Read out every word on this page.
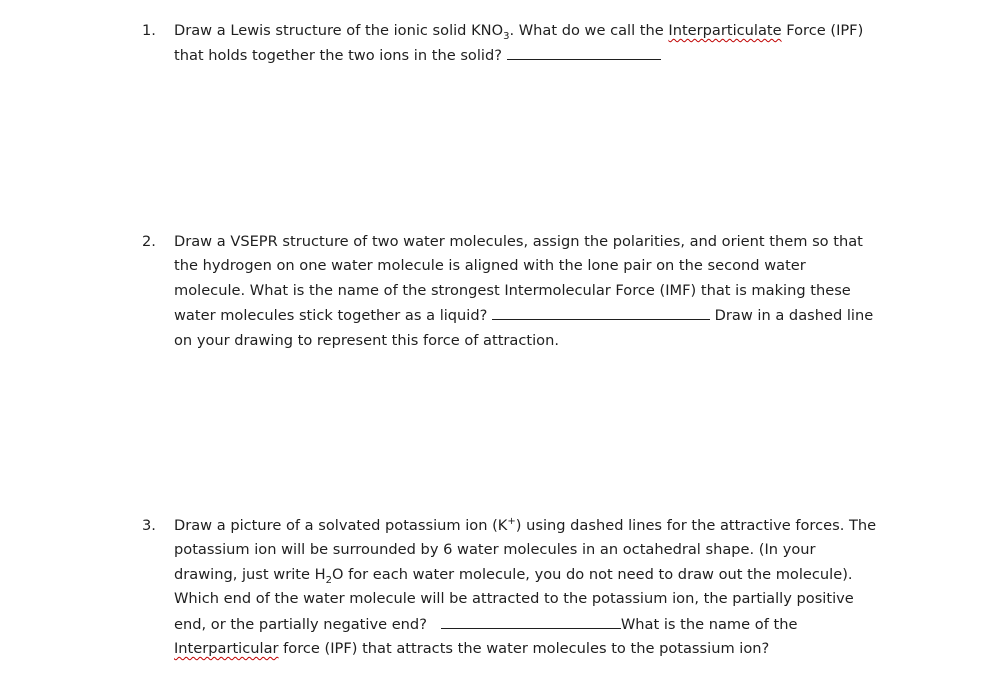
1. Draw a Lewis structure of the ionic solid $KNO_3$. What do we call the Interparticulate Force (IPF)
that holds together the two ions in the solid?
2. Draw a VSEPR structure of two water molecules, assign the polarities, and orient them so that
the hydrogen on one water molecule is aligned with the lone pair on the second water
molecule. What is the name of the strongest Intermolecular Force (IMF) that is making these
water molecules stick together as a liquid?	Draw in a dashed line
on your drawing to represent this force of attraction.
3. Draw a picture of a solvated potassium ion (K+) using dashed lines for the attractive forces. The
potassium ion will be surrounded by 6 water molecules in an octahedral shape. (In your
drawing, just write $H_2O$ for each water molecule, you do not need to draw out the molecule).
Which end of the water molecule will be attracted to the potassium ion, the partially positive
end, or the partially negative end?	What is the name of the
Interparticular force (IPF) that attracts the water molecules to the potassium ion?
